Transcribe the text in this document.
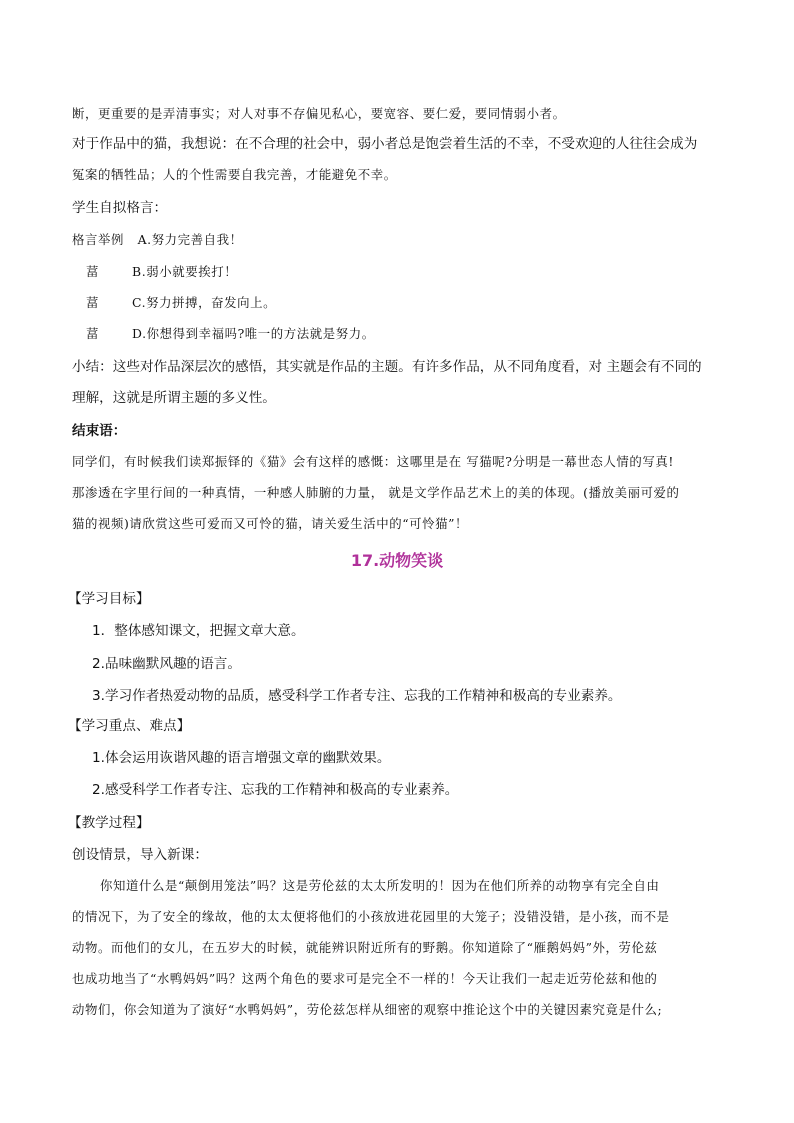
断，更重要的是弄清事实；对人对事不存偏见私心，要宽容、要仁爱，要同情弱小者。
对于作品中的猫，我想说：在不合理的社会中，弱小者总是饱尝着生活的不幸，不受欢迎的人往往会成为
冤案的牺牲品；人的个性需要自我完善，才能避免不幸。
学生自拟格言：
格言举例 A.努力完善自我！
葍	B.弱小就要挨打！
葍	C.努力拼搏，奋发向上。
葍	D.你想得到幸福吗?唯一的方法就是努力。
小结：这些对作品深层次的感悟，其实就是作品的主题。有许多作品，从不同角度看，对 主题会有不同的
理解，这就是所谓主题的多义性。
结束语：
同学们，有时候我们读郑振铎的《猫》会有这样的感慨：这哪里是在 写猫呢?分明是一幕世态人情的写真!
那渗透在字里行间的一种真情，一种感人肺腑的力量， 就是文学作品艺术上的美的体现。(播放美丽可爱的
猫的视频)请欣赏这些可爱而又可怜的猫，请关爱生活中的“可怜猫”！
17.动物笑谈
【学习目标】
1．整体感知课文，把握文章大意。
2.品味幽默风趣的语言。
3.学习作者热爱动物的品质，感受科学工作者专注、忘我的工作精神和极高的专业素养。
【学习重点、难点】
1.体会运用诙谐风趣的语言增强文章的幽默效果。
2.感受科学工作者专注、忘我的工作精神和极高的专业素养。
【教学过程】
创设情景，导入新课：
你知道什么是“颠倒用笼法”吗？这是劳伦兹的太太所发明的！因为在他们所养的动物享有完全自由
的情况下，为了安全的缘故，他的太太便将他们的小孩放进花园里的大笼子；没错没错，是小孩，而不是
动物。而他们的女儿，在五岁大的时候，就能辨识附近所有的野鹅。你知道除了“雁鹅妈妈”外，劳伦兹
也成功地当了“水鸭妈妈”吗？这两个角色的要求可是完全不一样的！今天让我们一起走近劳伦兹和他的
动物们，你会知道为了演好“水鸭妈妈”，劳伦兹怎样从细密的观察中推论这个中的关键因素究竟是什么;
